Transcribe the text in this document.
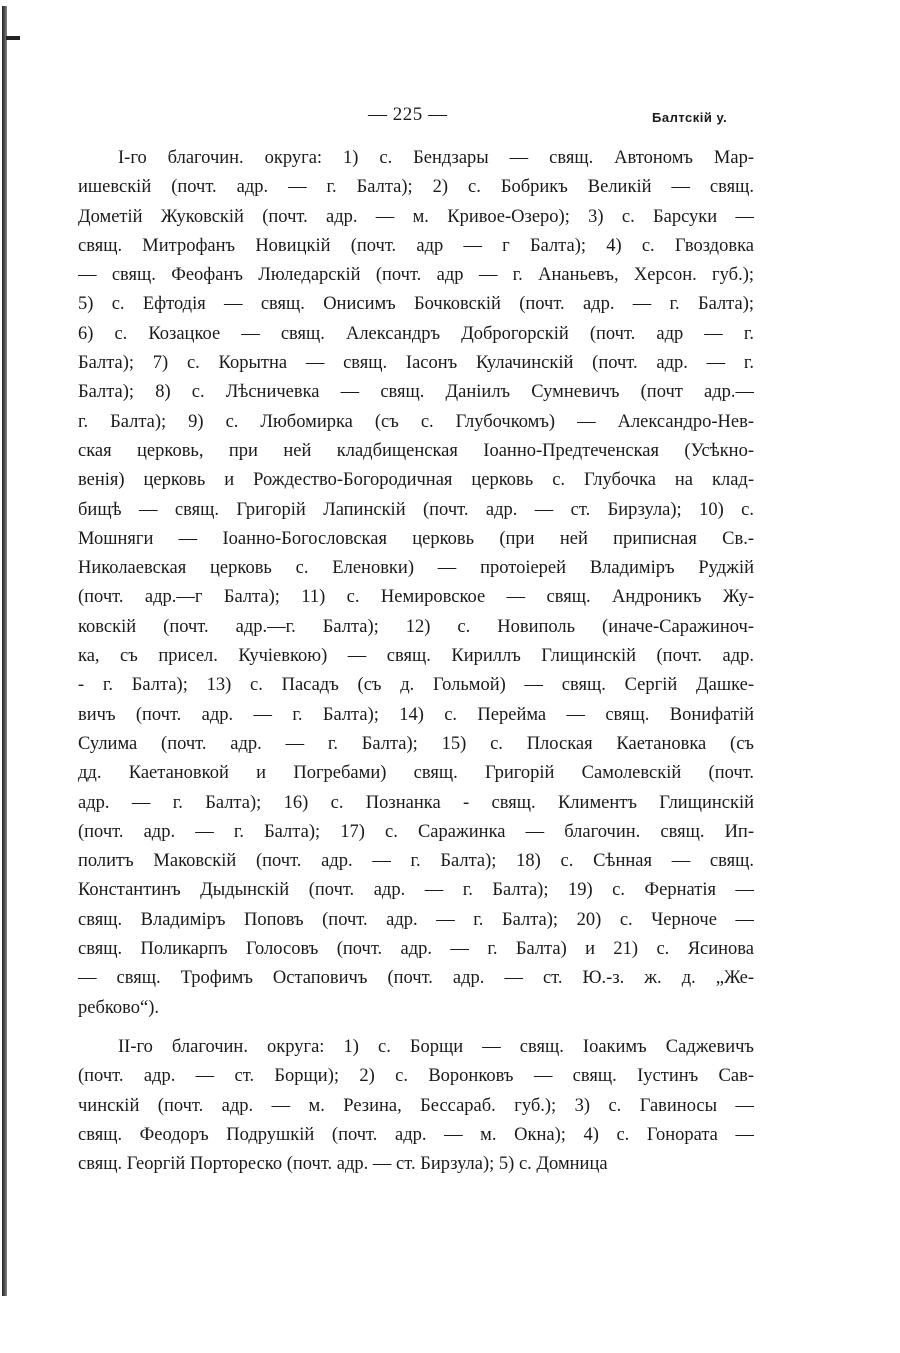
— 225 —	Балтскій у.
I-го благочин. округа: 1) с. Бендзары — свящ. Автономъ Мар-
ишевскій (почт. адр. — г. Балта); 2) с. Бобрикъ Великій — свящ.
Дометій Жуковскій (почт. адр. — м. Кривое-Озеро); 3) с. Барсуки —
свящ. Митрофанъ Новицкій (почт. адр — г Балта); 4) с. Гвоздовка
— свящ. Феофанъ Люледарскій (почт. адр — г. Ананьевъ, Херсон. губ.);
5) с. Ефтодія — свящ. Онисимъ Бочковскій (почт. адр. — г. Балта);
6) с. Козацкое — свящ. Александръ Доброгорскій (почт. адр — г.
Балта); 7) с. Корытна — свящ. Іасонъ Кулачинскій (почт. адр. — г.
Балта); 8) с. Лѣсничевка — свящ. Даніилъ Сумневичъ (почт адр.—
г. Балта); 9) с. Любомирка (съ с. Глубочкомъ) — Александро-Нев-
ская церковь, при ней кладбищенская Іоанно-Предтеченская (Усѣкно-
венія) церковь и Рождество-Богородичная церковь с. Глубочка на клад-
бищѣ — свящ. Григорій Лапинскій (почт. адр. — ст. Бирзула); 10) с.
Мошняги — Іоанно-Богословская церковь (при ней приписная Св.-
Николаевская церковь с. Еленовки) — протоіерей Владиміръ Руджій
(почт. адр.—г Балта); 11) с. Немировское — свящ. Андроникъ Жу-
ковскій (почт. адр.—г. Балта); 12) с. Новиполь (иначе-Саражиноч-
ка, съ присел. Кучіевкою) — свящ. Кириллъ Глищинскій (почт. адр.
- г. Балта); 13) с. Пасадъ (съ д. Гольмой) — свящ. Сергій Дашке-
вичъ (почт. адр. — г. Балта); 14) с. Перейма — свящ. Вонифатій
Сулима (почт. адр. — г. Балта); 15) с. Плоская Каетановка (съ
дд. Каетановкой и Погребами) свящ. Григорій Самолевскій (почт.
адр. — г. Балта); 16) с. Познанка - свящ. Климентъ Глищинскій
(почт. адр. — г. Балта); 17) с. Саражинка — благочин. свящ. Ип-
политъ Маковскій (почт. адр. — г. Балта); 18) с. Сѣнная — свящ.
Константинъ Дыдынскій (почт. адр. — г. Балта); 19) с. Фернатія —
свящ. Владиміръ Поповъ (почт. адр. — г. Балта); 20) с. Черноче —
свящ. Поликарпъ Голосовъ (почт. адр. — г. Балта) и 21) с. Ясинова
— свящ. Трофимъ Остаповичъ (почт. адр. — ст. Ю.-з. ж. д. „Же-
ребково“).
II-го благочин. округа: 1) с. Борщи — свящ. Іоакимъ Саджевичъ
(почт. адр. — ст. Борщи); 2) с. Воронковъ — свящ. Іустинъ Сав-
чинскій (почт. адр. — м. Резина, Бессараб. губ.); 3) с. Гавиносы —
свящ. Феодоръ Подрушкій (почт. адр. — м. Окна); 4) с. Гонората —
свящ. Георгій Портореско (почт. адр. — ст. Бирзула); 5) с. Домница
